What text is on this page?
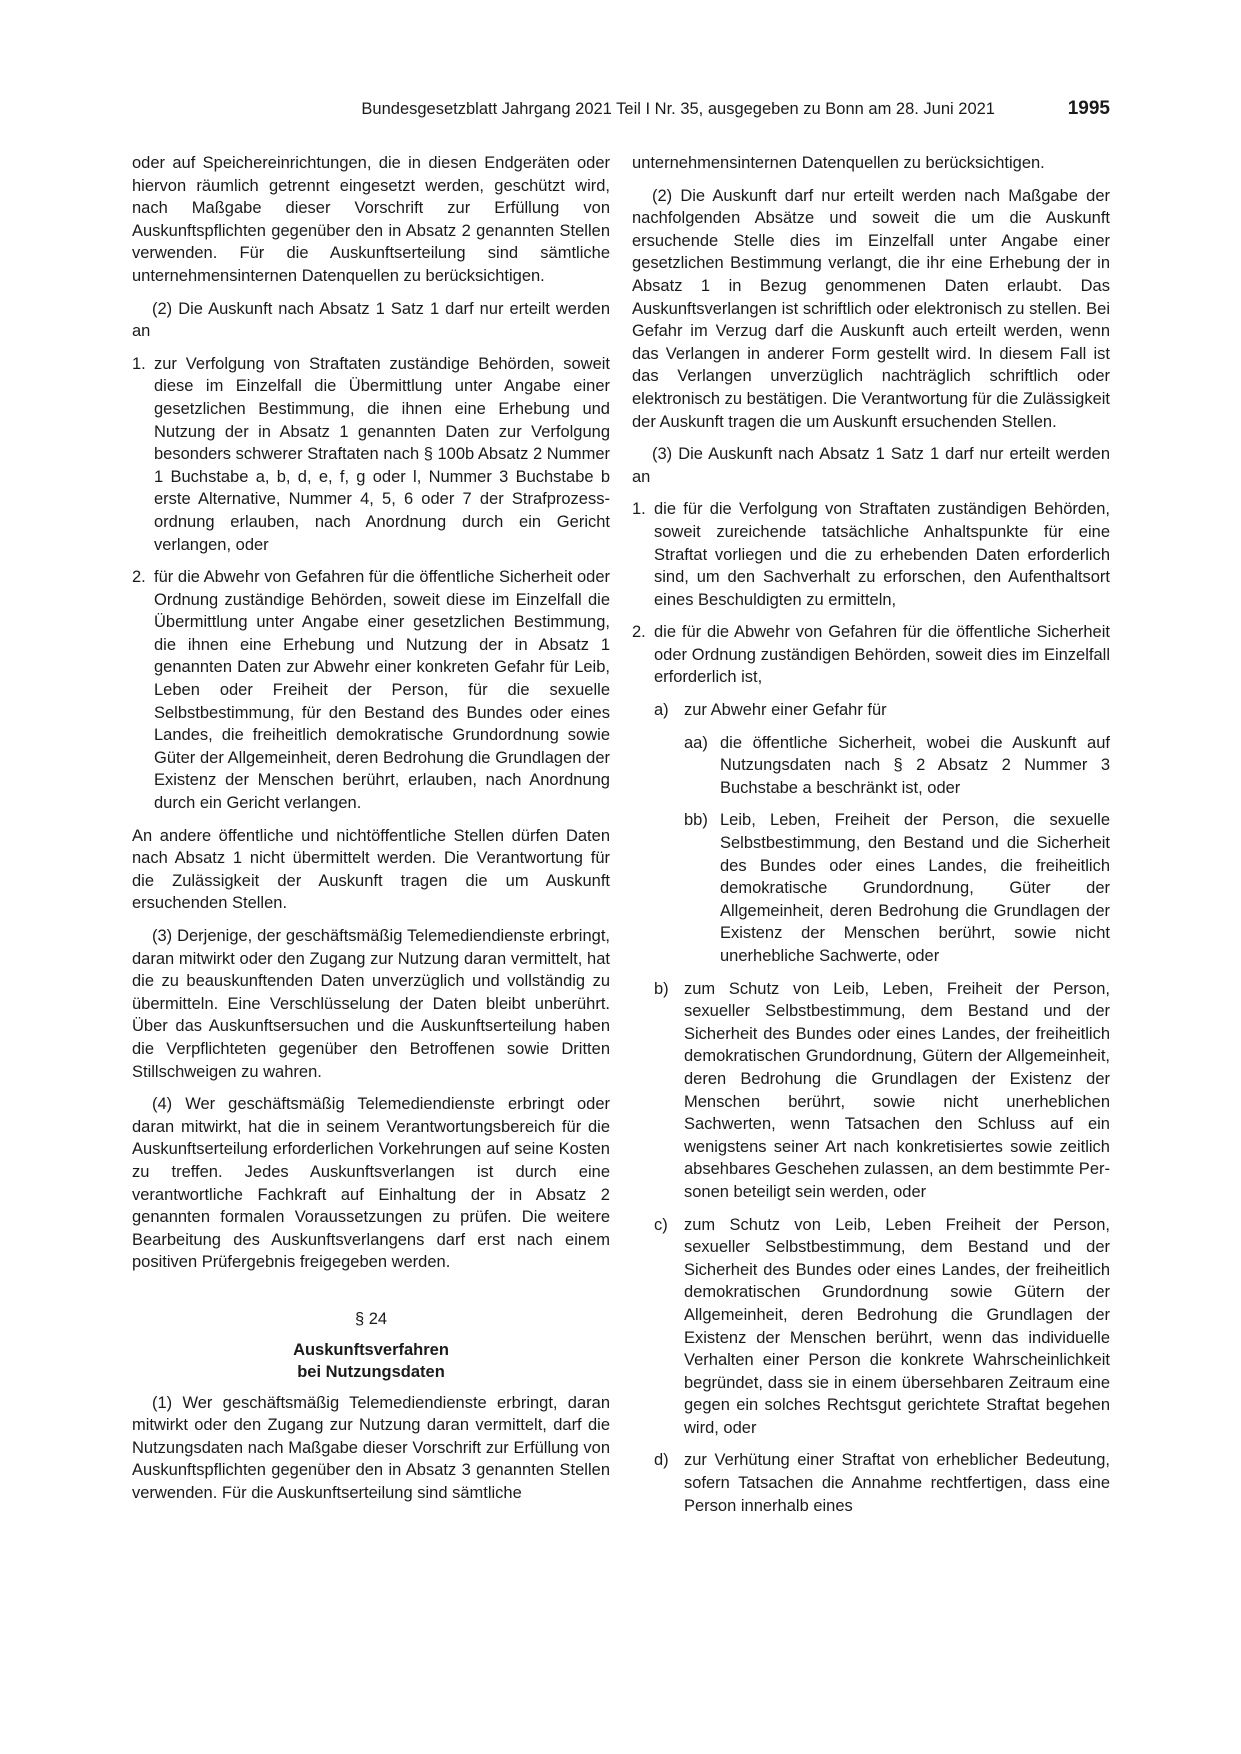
Bundesgesetzblatt Jahrgang 2021 Teil I Nr. 35, ausgegeben zu Bonn am 28. Juni 2021	1995

oder auf Speichereinrichtungen, die in diesen Endgeräten oder hiervon räumlich getrennt eingesetzt werden, geschützt wird, nach Maßgabe dieser Vorschrift zur Erfüllung von Auskunftspflichten gegenüber den in Absatz 2 genannten Stellen verwenden. Für die Auskunftserteilung sind sämtliche unternehmensinternen Datenquellen zu berücksichtigen.

(2) Die Auskunft nach Absatz 1 Satz 1 darf nur erteilt werden an

1. zur Verfolgung von Straftaten zuständige Behörden, soweit diese im Einzelfall die Übermittlung unter Angabe einer gesetzlichen Bestimmung, die ihnen eine Erhebung und Nutzung der in Absatz 1 genannten Daten zur Verfolgung besonders schwerer Straftaten nach § 100b Absatz 2 Nummer 1 Buchstabe a, b, d, e, f, g oder l, Nummer 3 Buchstabe b erste Alternative, Nummer 4, 5, 6 oder 7 der Strafprozessordnung erlauben, nach Anordnung durch ein Gericht verlangen, oder
2. für die Abwehr von Gefahren für die öffentliche Sicherheit oder Ordnung zuständige Behörden, soweit diese im Einzelfall die Übermittlung unter Angabe einer gesetzlichen Bestimmung, die ihnen eine Erhebung und Nutzung der in Absatz 1 genannten Daten zur Abwehr einer konkreten Gefahr für Leib, Leben oder Freiheit der Person, für die sexuelle Selbstbestimmung, für den Bestand des Bundes oder eines Landes, die freiheitlich demokratische Grundordnung sowie Güter der Allgemeinheit, deren Bedrohung die Grundlagen der Existenz der Menschen berührt, erlauben, nach Anordnung durch ein Gericht verlangen.

An andere öffentliche und nichtöffentliche Stellen dürfen Daten nach Absatz 1 nicht übermittelt werden. Die Verantwortung für die Zulässigkeit der Auskunft tragen die um Auskunft ersuchenden Stellen.

(3) Derjenige, der geschäftsmäßig Telemediendienste erbringt, daran mitwirkt oder den Zugang zur Nutzung daran vermittelt, hat die zu beauskunftenden Daten unverzüglich und vollständig zu übermitteln. Eine Verschlüsselung der Daten bleibt unberührt. Über das Auskunftsersuchen und die Auskunftserteilung haben die Verpflichteten gegenüber den Betroffenen sowie Dritten Stillschweigen zu wahren.

(4) Wer geschäftsmäßig Telemediendienste erbringt oder daran mitwirkt, hat die in seinem Verantwortungsbereich für die Auskunftserteilung erforderlichen Vorkehrungen auf seine Kosten zu treffen. Jedes Auskunftsverlangen ist durch eine verantwortliche Fachkraft auf Einhaltung der in Absatz 2 genannten formalen Voraussetzungen zu prüfen. Die weitere Bearbeitung des Auskunftsverlangens darf erst nach einem positiven Prüfergebnis freigegeben werden.

§ 24
Auskunftsverfahren
bei Nutzungsdaten

(1) Wer geschäftsmäßig Telemediendienste erbringt, daran mitwirkt oder den Zugang zur Nutzung daran vermittelt, darf die Nutzungsdaten nach Maßgabe dieser Vorschrift zur Erfüllung von Auskunftspflichten gegenüber den in Absatz 3 genannten Stellen verwenden. Für die Auskunftserteilung sind sämtliche

unternehmensinternen Datenquellen zu berücksichtigen.

(2) Die Auskunft darf nur erteilt werden nach Maßgabe der nachfolgenden Absätze und soweit die um die Auskunft ersuchende Stelle dies im Einzelfall unter Angabe einer gesetzlichen Bestimmung verlangt, die ihr eine Erhebung der in Absatz 1 in Bezug genommenen Daten erlaubt. Das Auskunftsverlangen ist schriftlich oder elektronisch zu stellen. Bei Gefahr im Verzug darf die Auskunft auch erteilt werden, wenn das Verlangen in anderer Form gestellt wird. In diesem Fall ist das Verlangen unverzüglich nachträglich schriftlich oder elektronisch zu bestätigen. Die Verantwortung für die Zulässigkeit der Auskunft tragen die um Auskunft ersuchenden Stellen.

(3) Die Auskunft nach Absatz 1 Satz 1 darf nur erteilt werden an

1. die für die Verfolgung von Straftaten zuständigen Behörden, soweit zureichende tatsächliche Anhaltspunkte für eine Straftat vorliegen und die zu erhebenden Daten erforderlich sind, um den Sachverhalt zu erforschen, den Aufenthaltsort eines Beschuldigten zu ermitteln,
2. die für die Abwehr von Gefahren für die öffentliche Sicherheit oder Ordnung zuständigen Behörden, soweit dies im Einzelfall erforderlich ist,
a) zur Abwehr einer Gefahr für
aa) die öffentliche Sicherheit, wobei die Auskunft auf Nutzungsdaten nach § 2 Absatz 2 Nummer 3 Buchstabe a beschränkt ist, oder
bb) Leib, Leben, Freiheit der Person, die sexuelle Selbstbestimmung, den Bestand und die Sicherheit des Bundes oder eines Landes, die freiheitlich demokratische Grundordnung, Güter der Allgemeinheit, deren Bedrohung die Grundlagen der Existenz der Menschen berührt, sowie nicht unerhebliche Sachwerte, oder
b) zum Schutz von Leib, Leben, Freiheit der Person, sexueller Selbstbestimmung, dem Bestand und der Sicherheit des Bundes oder eines Landes, der freiheitlich demokratischen Grundordnung, Gütern der Allgemeinheit, deren Bedrohung die Grundlagen der Existenz der Menschen berührt, sowie nicht unerheblichen Sachwerten, wenn Tatsachen den Schluss auf ein wenigstens seiner Art nach konkretisiertes sowie zeitlich absehbares Geschehen zulassen, an dem bestimmte Personen beteiligt sein werden, oder
c) zum Schutz von Leib, Leben Freiheit der Person, sexueller Selbstbestimmung, dem Bestand und der Sicherheit des Bundes oder eines Landes, der freiheitlich demokratischen Grundordnung sowie Gütern der Allgemeinheit, deren Bedrohung die Grundlagen der Existenz der Menschen berührt, wenn das individuelle Verhalten einer Person die konkrete Wahrscheinlichkeit begründet, dass sie in einem übersehbaren Zeitraum eine gegen ein solches Rechtsgut gerichtete Straftat begehen wird, oder
d) zur Verhütung einer Straftat von erheblicher Bedeutung, sofern Tatsachen die Annahme rechtfertigen, dass eine Person innerhalb eines
